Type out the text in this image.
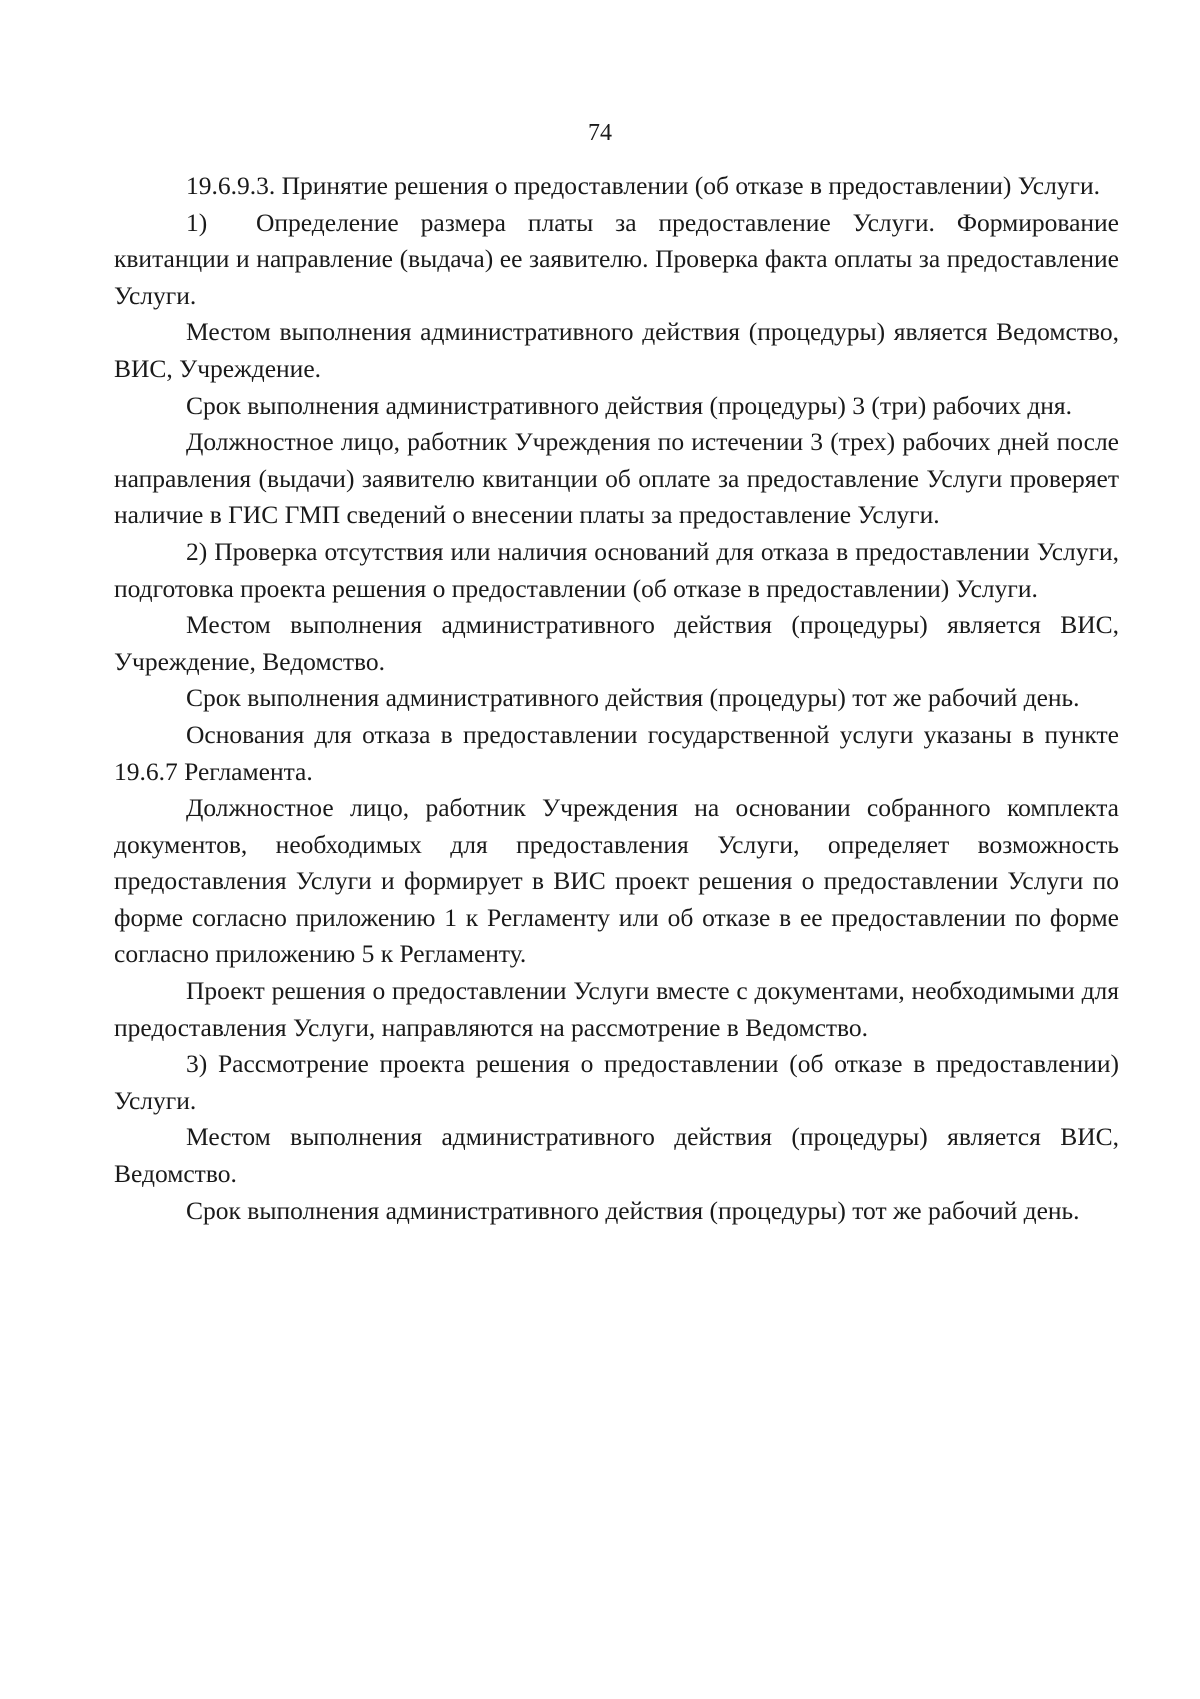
74

19.6.9.3. Принятие решения о предоставлении (об отказе в предоставлении) Услуги.

1) Определение размера платы за предоставление Услуги. Формирование квитанции и направление (выдача) ее заявителю. Проверка факта оплаты за предоставление Услуги.

Местом выполнения административного действия (процедуры) является Ведомство, ВИС, Учреждение.

Срок выполнения административного действия (процедуры) 3 (три) рабочих дня.

Должностное лицо, работник Учреждения по истечении 3 (трех) рабочих дней после направления (выдачи) заявителю квитанции об оплате за предоставление Услуги проверяет наличие в ГИС ГМП сведений о внесении платы за предоставление Услуги.

2) Проверка отсутствия или наличия оснований для отказа в предоставлении Услуги, подготовка проекта решения о предоставлении (об отказе в предоставлении) Услуги.

Местом выполнения административного действия (процедуры) является ВИС, Учреждение, Ведомство.

Срок выполнения административного действия (процедуры) тот же рабочий день.

Основания для отказа в предоставлении государственной услуги указаны в пункте 19.6.7 Регламента.

Должностное лицо, работник Учреждения на основании собранного комплекта документов, необходимых для предоставления Услуги, определяет возможность предоставления Услуги и формирует в ВИС проект решения о предоставлении Услуги по форме согласно приложению 1 к Регламенту или об отказе в ее предоставлении по форме согласно приложению 5 к Регламенту.

Проект решения о предоставлении Услуги вместе с документами, необходимыми для предоставления Услуги, направляются на рассмотрение в Ведомство.

3) Рассмотрение проекта решения о предоставлении (об отказе в предоставлении) Услуги.

Местом выполнения административного действия (процедуры) является ВИС, Ведомство.

Срок выполнения административного действия (процедуры) тот же рабочий день.
